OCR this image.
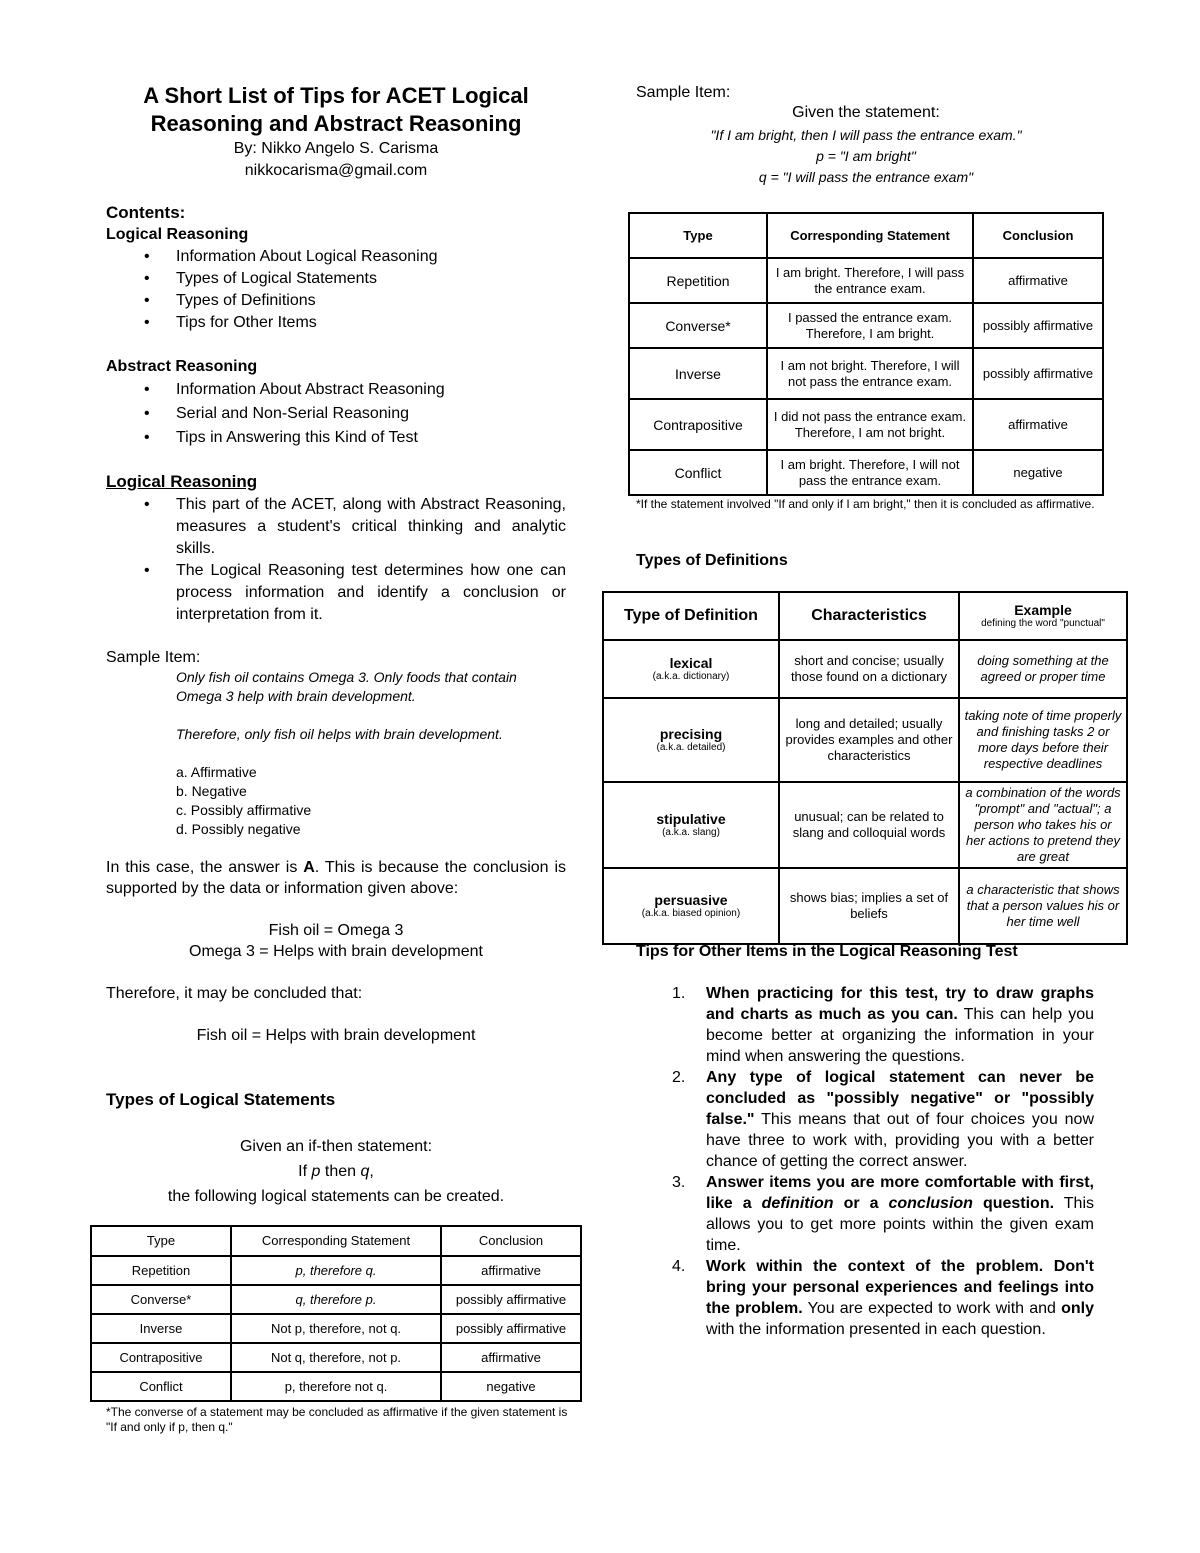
A Short List of Tips for ACET Logical
Reasoning and Abstract Reasoning
By: Nikko Angelo S. Carisma
nikkocarisma@gmail.com
Contents:
Logical Reasoning
• Information About Logical Reasoning
• Types of Logical Statements
• Types of Definitions
• Tips for Other Items
Abstract Reasoning
• Information About Abstract Reasoning
• Serial and Non-Serial Reasoning
• Tips in Answering this Kind of Test
Logical Reasoning
• This part of the ACET, along with Abstract Reasoning, measures a student's critical thinking and analytic skills.
• The Logical Reasoning test determines how one can process information and identify a conclusion or interpretation from it.
Sample Item:
Only fish oil contains Omega 3. Only foods that contain Omega 3 help with brain development.
Therefore, only fish oil helps with brain development.
a. Affirmative
b. Negative
c. Possibly affirmative
d. Possibly negative

In this case, the answer is A. This is because the conclusion is supported by the data or information given above:

Fish oil = Omega 3
Omega 3 = Helps with brain development
Therefore, it may be concluded that:
Fish oil = Helps with brain development
Types of Logical Statements
Given an if-then statement:
If p then q,
the following logical statements can be created.
Type	Corresponding Statement	Conclusion
Repetition	p, therefore q.	affirmative
Converse*	q, therefore p.	possibly affirmative
Inverse	Not p, therefore, not q.	possibly affirmative
Contrapositive	Not q, therefore, not p.	affirmative
Conflict	p, therefore not q.	negative
*The converse of a statement may be concluded as affirmative if the given statement is "If and only if p, then q."
Sample Item:
Given the statement:
"If I am bright, then I will pass the entrance exam."
p = "I am bright"
q = "I will pass the entrance exam"
Type	Corresponding Statement	Conclusion
Repetition	I am bright. Therefore, I will pass the entrance exam.	affirmative
Converse*	I passed the entrance exam. Therefore, I am bright.	possibly affirmative
Inverse	I am not bright. Therefore, I will not pass the entrance exam.	possibly affirmative
Contrapositive	I did not pass the entrance exam. Therefore, I am not bright.	affirmative
Conflict	I am bright. Therefore, I will not pass the entrance exam.	negative
*If the statement involved "If and only if I am bright," then it is concluded as affirmative.
Types of Definitions
Type of Definition	Characteristics	Example
defining the word "punctual"

lexical
(a.k.a. dictionary)	short and concise; usually those found on a dictionary	doing something at the agreed or proper time

precising
(a.k.a. detailed)	long and detailed; usually provides examples and other characteristics	taking note of time properly and finishing tasks 2 or more days before their respective deadlines

stipulative
(a.k.a. slang)	unusual; can be related to slang and colloquial words	a combination of the words "prompt" and "actual"; a person who takes his or her actions to pretend they are great

persuasive
(a.k.a. biased opinion)	shows bias; implies a set of beliefs	a characteristic that shows that a person values his or her time well
Tips for Other Items in the Logical Reasoning Test
1. When practicing for this test, try to draw graphs and charts as much as you can. This can help you become better at organizing the information in your mind when answering the questions.
2. Any type of logical statement can never be concluded as "possibly negative" or "possibly false." This means that out of four choices you now have three to work with, providing you with a better chance of getting the correct answer.
3. Answer items you are more comfortable with first, like a definition or a conclusion question. This allows you to get more points within the given exam time.
4. Work within the context of the problem. Don't bring your personal experiences and feelings into the problem. You are expected to work with and only with the information presented in each question.
